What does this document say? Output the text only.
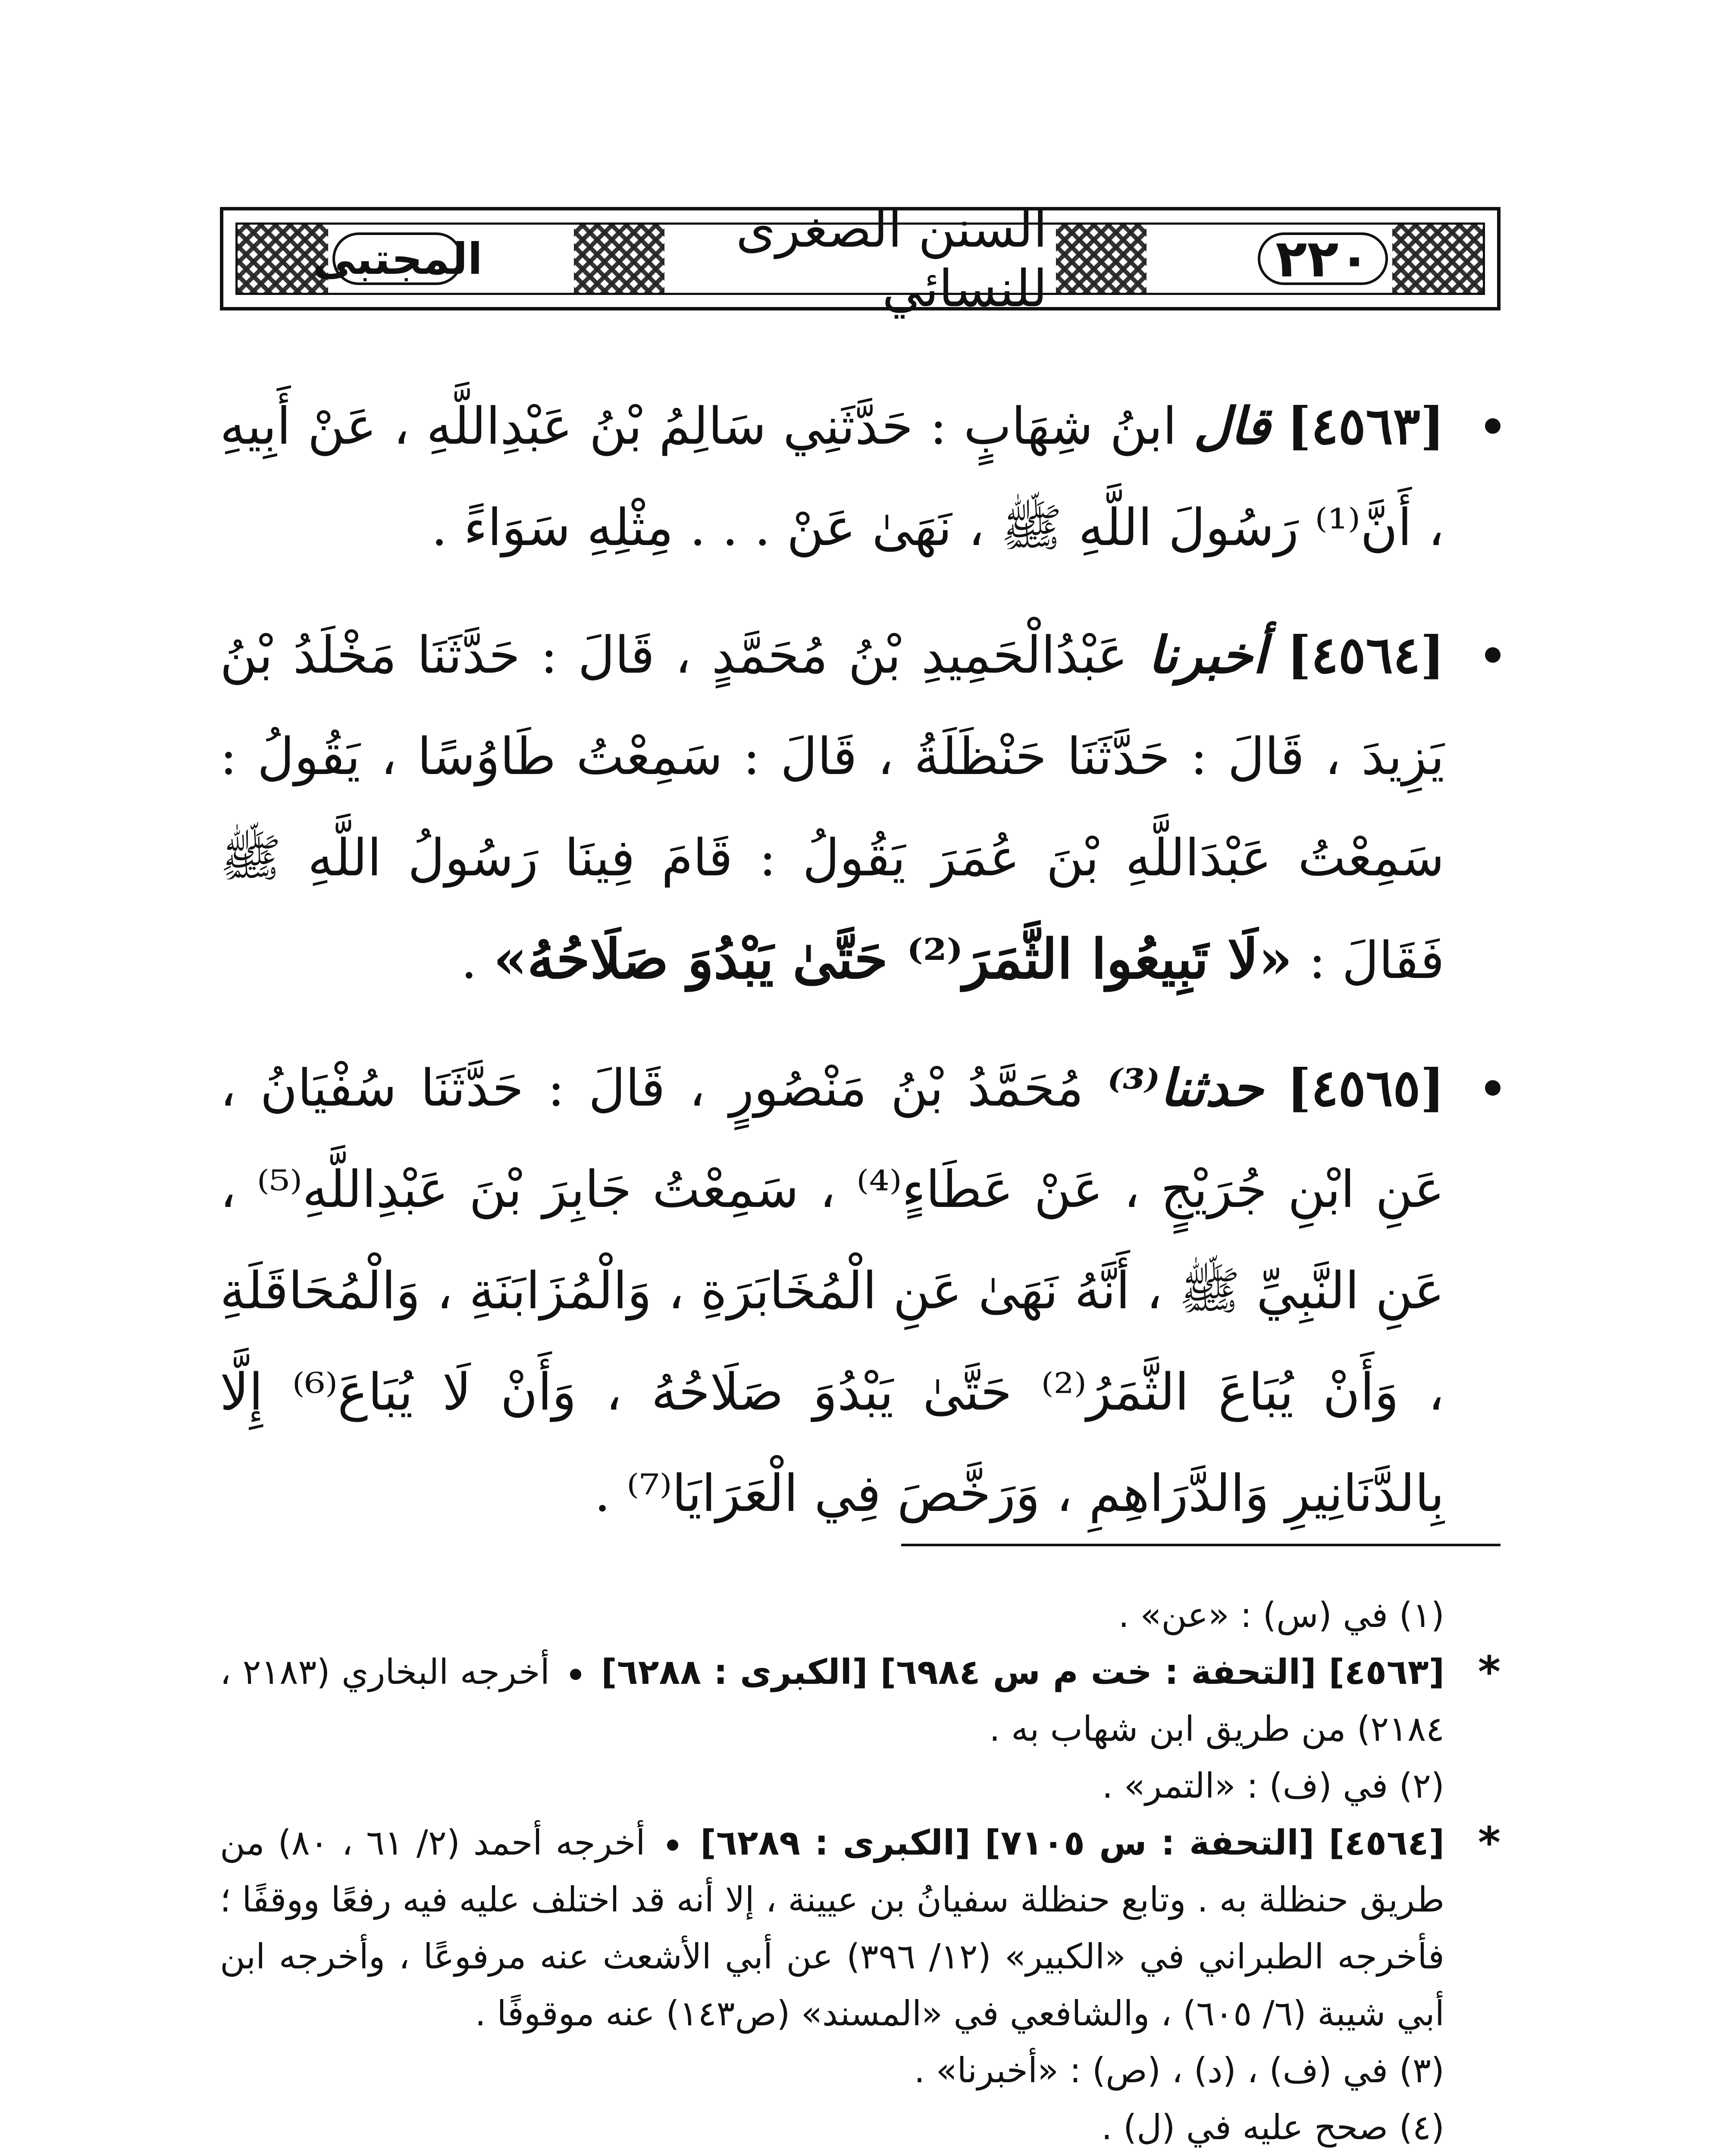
المجتبى	السنن الصغرى للنسائي	٢٢٠
[٤٥٦٣] قال ابنُ شِهَابٍ : حَدَّثَنِي سَالِمُ بْنُ عَبْدِاللَّهِ ، عَنْ أَبِيهِ ، أَنَّ⁽¹⁾ رَسُولَ اللَّهِ ﷺ ، نَهَىٰ عَنْ . . . مِثْلِهِ سَوَاءً .
[٤٥٦٤] أخبرنا عَبْدُالْحَمِيدِ بْنُ مُحَمَّدٍ ، قَالَ : حَدَّثَنَا مَخْلَدُ بْنُ يَزِيدَ ، قَالَ : حَدَّثَنَا حَنْظَلَةُ ، قَالَ : سَمِعْتُ طَاوُسًا ، يَقُولُ : سَمِعْتُ عَبْدَاللَّهِ بْنَ عُمَرَ يَقُولُ : قَامَ فِينَا رَسُولُ اللَّهِ ﷺ فَقَالَ : «لَا تَبِيعُوا الثَّمَرَ⁽²⁾ حَتَّىٰ يَبْدُوَ صَلَاحُهُ» .
[٤٥٦٥] حدثنا⁽³⁾ مُحَمَّدُ بْنُ مَنْصُورٍ ، قَالَ : حَدَّثَنَا سُفْيَانُ ، عَنِ ابْنِ جُرَيْجٍ ، عَنْ عَطَاءٍ⁽⁴⁾ ، سَمِعْتُ جَابِرَ بْنَ عَبْدِاللَّهِ⁽⁵⁾ ، عَنِ النَّبِيِّ ﷺ ، أَنَّهُ نَهَىٰ عَنِ الْمُخَابَرَةِ ، وَالْمُزَابَنَةِ ، وَالْمُحَاقَلَةِ ، وَأَنْ يُبَاعَ الثَّمَرُ⁽²⁾ حَتَّىٰ يَبْدُوَ صَلَاحُهُ ، وَأَنْ لَا يُبَاعَ⁽⁶⁾ إِلَّا بِالدَّنَانِيرِ وَالدَّرَاهِمِ ، وَرَخَّصَ فِي الْعَرَايَا⁽⁷⁾ .
(١) في (س) : «عن» .
*
[٤٥٦٣] [التحفة : خت م س ٦٩٨٤] [الكبرى : ٦٢٨٨]  أخرجه البخاري (٢١٨٣ ، ٢١٨٤) من طريق ابن شهاب به .
(٢) في (ف) : «التمر» .
*
[٤٥٦٤] [التحفة : س ٧١٠٥] [الكبرى : ٦٢٨٩]  أخرجه أحمد (٢/ ٦١ ، ٨٠) من طريق حنظلة به . وتابع حنظلة سفيانُ بن عيينة ، إلا أنه قد اختلف عليه فيه رفعًا ووقفًا ؛ فأخرجه الطبراني في «الكبير» (١٢/ ٣٩٦) عن أبي الأشعث عنه مرفوعًا ، وأخرجه ابن أبي شيبة (٦/ ٦٠٥) ، والشافعي في «المسند» (ص١٤٣) عنه موقوفًا .
(٣) في (ف) ، (د) ، (ص) : «أخبرنا» .
(٤) صحح عليه في (ل) .
